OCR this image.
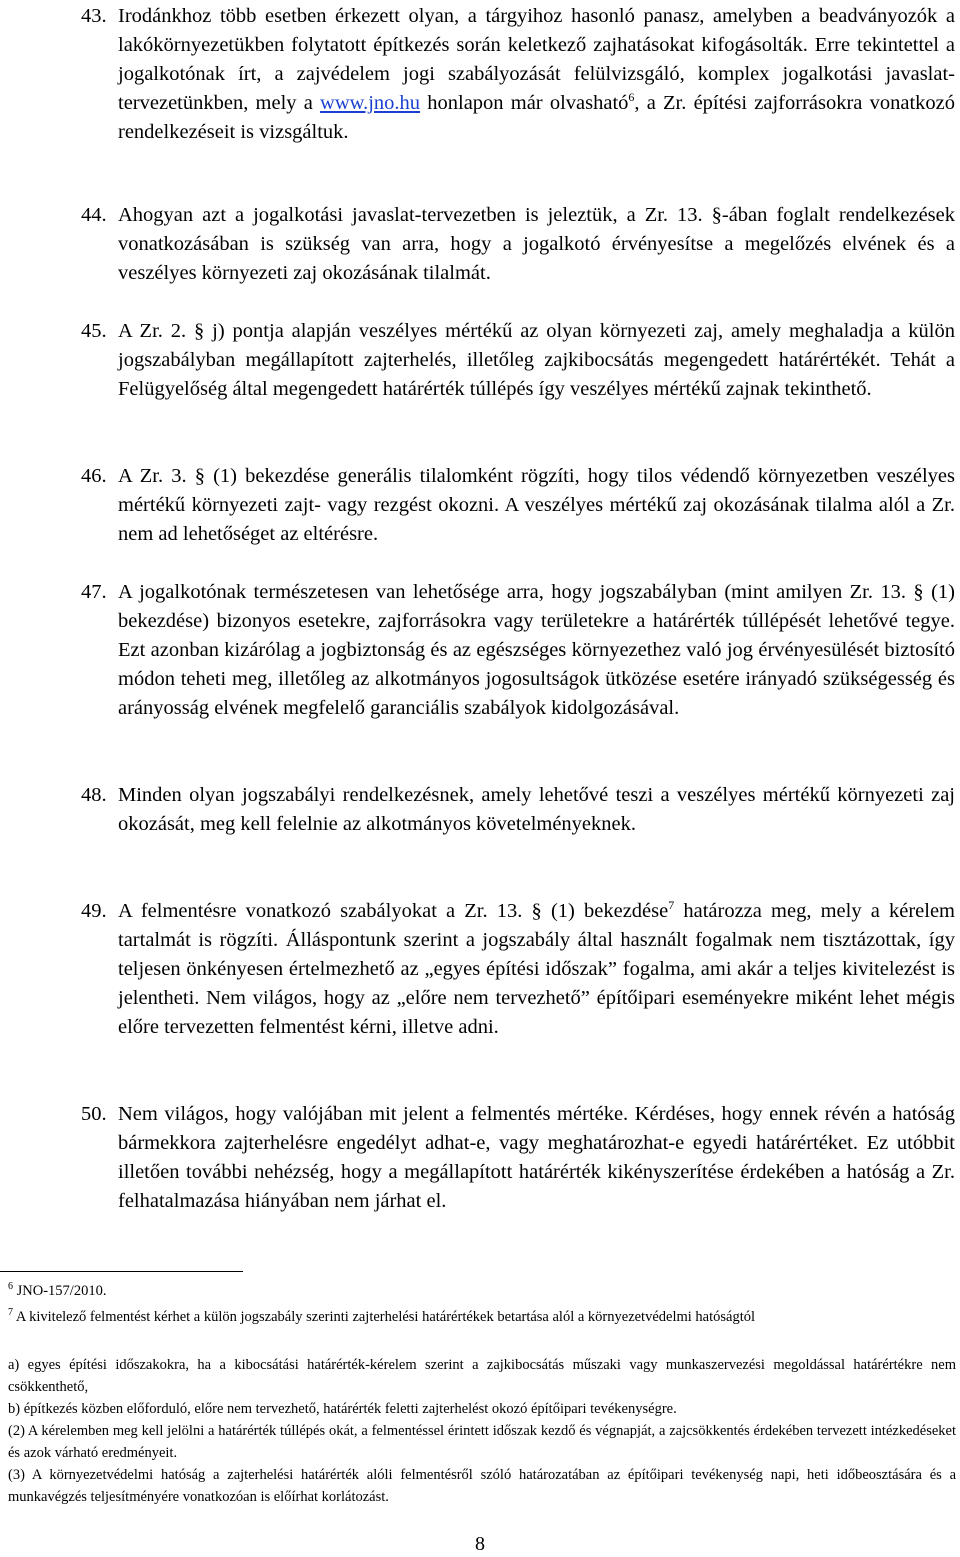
43. Irodánkhoz több esetben érkezett olyan, a tárgyihoz hasonló panasz, amelyben a beadványozók a lakókörnyezetükben folytatott építkezés során keletkező zajhatásokat kifogásolták. Erre tekintettel a jogalkotónak írt, a zajvédelem jogi szabályozását felülvizsgáló, komplex jogalkotási javaslat-tervezetünkben, mely a www.jno.hu honlapon már olvasható$^6$, a Zr. építési zajforrásokra vonatkozó rendelkezéseit is vizsgáltuk.
44. Ahogyan azt a jogalkotási javaslat-tervezetben is jeleztük, a Zr. 13. §-ában foglalt rendelkezések vonatkozásában is szükség van arra, hogy a jogalkotó érvényesítse a megelőzés elvének és a veszélyes környezeti zaj okozásának tilalmát.
45. A Zr. 2. § j) pontja alapján veszélyes mértékű az olyan környezeti zaj, amely meghaladja a külön jogszabályban megállapított zajterhelés, illetőleg zajkibocsátás megengedett határértékét. Tehát a Felügyelőség által megengedett határérték túllépés így veszélyes mértékű zajnak tekinthető.
46. A Zr. 3. § (1) bekezdése generális tilalomként rögzíti, hogy tilos védendő környezetben veszélyes mértékű környezeti zajt- vagy rezgést okozni. A veszélyes mértékű zaj okozásának tilalma alól a Zr. nem ad lehetőséget az eltérésre.
47. A jogalkotónak természetesen van lehetősége arra, hogy jogszabályban (mint amilyen Zr. 13. § (1) bekezdése) bizonyos esetekre, zajforrásokra vagy területekre a határérték túllépését lehetővé tegye. Ezt azonban kizárólag a jogbiztonság és az egészséges környezethez való jog érvényesülését biztosító módon teheti meg, illetőleg az alkotmányos jogosultságok ütközése esetére irányadó szükségesség és arányosság elvének megfelelő garanciális szabályok kidolgozásával.
48. Minden olyan jogszabályi rendelkezésnek, amely lehetővé teszi a veszélyes mértékű környezeti zaj okozását, meg kell felelnie az alkotmányos követelményeknek.
49. A felmentésre vonatkozó szabályokat a Zr. 13. § (1) bekezdése$^7$ határozza meg, mely a kérelem tartalmát is rögzíti. Álláspontunk szerint a jogszabály által használt fogalmak nem tisztázottak, így teljesen önkényesen értelmezhető az „egyes építési időszak” fogalma, ami akár a teljes kivitelezést is jelentheti. Nem világos, hogy az „előre nem tervezhető” építőipari eseményekre miként lehet mégis előre tervezetten felmentést kérni, illetve adni.
50. Nem világos, hogy valójában mit jelent a felmentés mértéke. Kérdéses, hogy ennek révén a hatóság bármekkora zajterhelésre engedélyt adhat-e, vagy meghatározhat-e egyedi határértéket. Ez utóbbit illetően további nehézség, hogy a megállapított határérték kikényszerítése érdekében a hatóság a Zr. felhatalmazása hiányában nem járhat el.
$^6$ JNO-157/2010.
$^7$ A kivitelező felmentést kérhet a külön jogszabály szerinti zajterhelési határértékek betartása alól a környezetvédelmi hatóságtól
a) egyes építési időszakokra, ha a kibocsátási határérték-kérelem szerint a zajkibocsátás műszaki vagy munkaszervezési megoldással határértékre nem csökkenthető,
b) építkezés közben előforduló, előre nem tervezhető, határérték feletti zajterhelést okozó építőipari tevékenységre.
(2) A kérelemben meg kell jelölni a határérték túllépés okát, a felmentéssel érintett időszak kezdő és végnapját, a zajcsökkentés érdekében tervezett intézkedéseket és azok várható eredményeit.
(3) A környezetvédelmi hatóság a zajterhelési határérték alóli felmentésről szóló határozatában az építőipari tevékenység napi, heti időbeosztására és a munkavégzés teljesítményére vonatkozóan is előírhat korlátozást.
8
